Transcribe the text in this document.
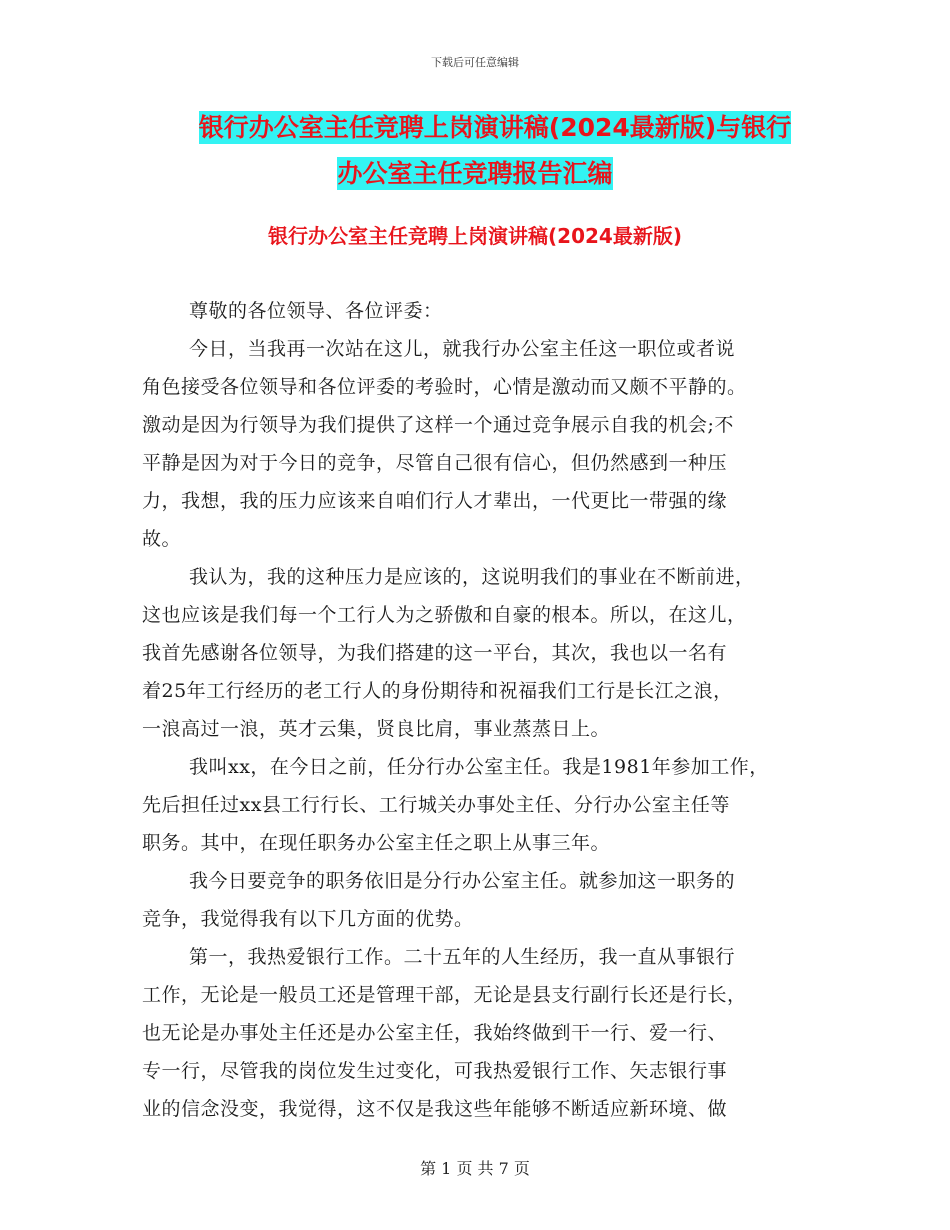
下载后可任意编辑
银行办公室主任竞聘上岗演讲稿(2024最新版)与银行
办公室主任竞聘报告汇编
银行办公室主任竞聘上岗演讲稿(2024最新版)
尊敬的各位领导、各位评委：
今日，当我再一次站在这儿，就我行办公室主任这一职位或者说
角色接受各位领导和各位评委的考验时，心情是激动而又颇不平静的。
激动是因为行领导为我们提供了这样一个通过竞争展示自我的机会;不
平静是因为对于今日的竞争，尽管自己很有信心，但仍然感到一种压
力，我想，我的压力应该来自咱们行人才辈出，一代更比一带强的缘
故。
我认为，我的这种压力是应该的，这说明我们的事业在不断前进，
这也应该是我们每一个工行人为之骄傲和自豪的根本。所以，在这儿，
我首先感谢各位领导，为我们搭建的这一平台，其次，我也以一名有
着25年工行经历的老工行人的身份期待和祝福我们工行是长江之浪，
一浪高过一浪，英才云集，贤良比肩，事业蒸蒸日上。
我叫xx，在今日之前，任分行办公室主任。我是1981年参加工作，
先后担任过xx县工行行长、工行城关办事处主任、分行办公室主任等
职务。其中，在现任职务办公室主任之职上从事三年。
我今日要竞争的职务依旧是分行办公室主任。就参加这一职务的
竞争，我觉得我有以下几方面的优势。
第一，我热爱银行工作。二十五年的人生经历，我一直从事银行
工作，无论是一般员工还是管理干部，无论是县支行副行长还是行长，
也无论是办事处主任还是办公室主任，我始终做到干一行、爱一行、
专一行，尽管我的岗位发生过变化，可我热爱银行工作、矢志银行事
业的信念没变，我觉得，这不仅是我这些年能够不断适应新环境、做
第 1 页 共 7 页
